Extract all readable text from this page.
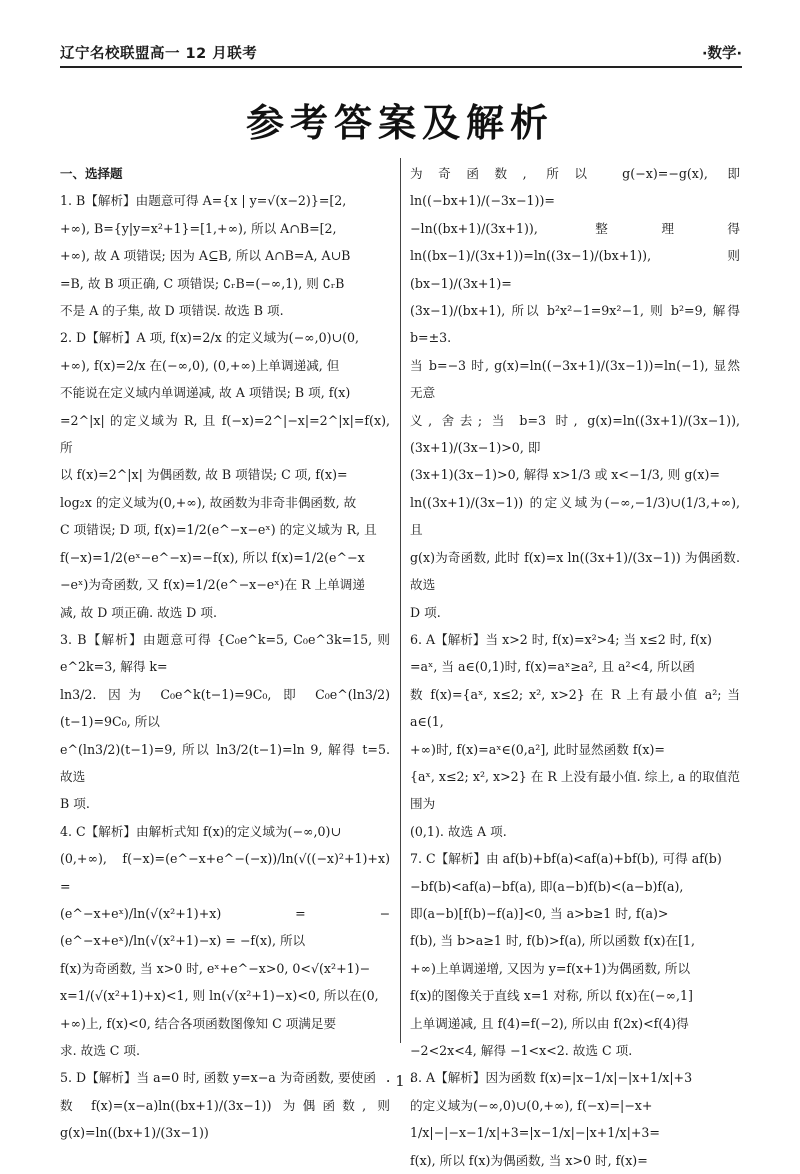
辽宁名校联盟高一 12 月联考	·数学·
参考答案及解析

一、选择题

1. B【解析】由题意可得 A={x | y=√(x−2)}=[2,

+∞), B={y|y=x²+1}=[1,+∞), 所以 A∩B=[2,

+∞), 故 A 项错误; 因为 A⊆B, 所以 A∩B=A, A∪B

=B, 故 B 项正确, C 项错误; ∁ᵣB=(−∞,1), 则 ∁ᵣB

不是 A 的子集, 故 D 项错误. 故选 B 项.

2. D【解析】A 项, f(x)=2/x 的定义域为(−∞,0)∪(0,

+∞), f(x)=2/x 在(−∞,0), (0,+∞)上单调递减, 但

不能说在定义域内单调递减, 故 A 项错误; B 项, f(x)

=2^|x| 的定义域为 R, 且 f(−x)=2^|−x|=2^|x|=f(x), 所

以 f(x)=2^|x| 为偶函数, 故 B 项错误; C 项, f(x)=

log₂x 的定义域为(0,+∞), 故函数为非奇非偶函数, 故

C 项错误; D 项, f(x)=1/2(e^−x−eˣ) 的定义域为 R, 且

f(−x)=1/2(eˣ−e^−x)=−f(x), 所以 f(x)=1/2(e^−x

−eˣ)为奇函数, 又 f(x)=1/2(e^−x−eˣ)在 R 上单调递

减, 故 D 项正确. 故选 D 项.

3. B【解析】由题意可得 {C₀e^k=5, C₀e^3k=15, 则 e^2k=3, 解得 k=

ln3/2. 因为 C₀e^k(t−1)=9C₀, 即 C₀e^(ln3/2)(t−1)=9C₀, 所以

e^(ln3/2)(t−1)=9, 所以 ln3/2(t−1)=ln 9, 解得 t=5. 故选

B 项.

4. C【解析】由解析式知 f(x)的定义域为(−∞,0)∪

(0,+∞), f(−x)=(e^−x+e^−(−x))/ln(√((−x)²+1)+x) =

(e^−x+eˣ)/ln(√(x²+1)+x) = −(e^−x+eˣ)/ln(√(x²+1)−x) = −f(x), 所以

f(x)为奇函数, 当 x>0 时, eˣ+e^−x>0, 0<√(x²+1)−

x=1/(√(x²+1)+x)<1, 则 ln(√(x²+1)−x)<0, 所以在(0,

+∞)上, f(x)<0, 结合各项函数图像知 C 项满足要

求. 故选 C 项.

5. D【解析】当 a=0 时, 函数 y=x−a 为奇函数, 要使函

数 f(x)=(x−a)ln((bx+1)/(3x−1)) 为偶函数, 则 g(x)=ln((bx+1)/(3x−1))

为奇函数, 所以 g(−x)=−g(x), 即 ln((−bx+1)/(−3x−1))=

−ln((bx+1)/(3x+1)), 整理得 ln((bx−1)/(3x+1))=ln((3x−1)/(bx+1)), 则 (bx−1)/(3x+1)=

(3x−1)/(bx+1), 所以 b²x²−1=9x²−1, 则 b²=9, 解得 b=±3.

当 b=−3 时, g(x)=ln((−3x+1)/(3x−1))=ln(−1), 显然无意

义, 舍去; 当 b=3 时, g(x)=ln((3x+1)/(3x−1)), (3x+1)/(3x−1)>0, 即

(3x+1)(3x−1)>0, 解得 x>1/3 或 x<−1/3, 则 g(x)=

ln((3x+1)/(3x−1)) 的定义域为(−∞,−1/3)∪(1/3,+∞), 且

g(x)为奇函数, 此时 f(x)=x ln((3x+1)/(3x−1)) 为偶函数. 故选

D 项.

6. A【解析】当 x>2 时, f(x)=x²>4; 当 x≤2 时, f(x)

=aˣ, 当 a∈(0,1)时, f(x)=aˣ≥a², 且 a²<4, 所以函

数 f(x)={aˣ, x≤2; x², x>2} 在 R 上有最小值 a²; 当 a∈(1,

+∞)时, f(x)=aˣ∈(0,a²], 此时显然函数 f(x)=

{aˣ, x≤2; x², x>2} 在 R 上没有最小值. 综上, a 的取值范围为

(0,1). 故选 A 项.

7. C【解析】由 af(b)+bf(a)<af(a)+bf(b), 可得 af(b)

−bf(b)<af(a)−bf(a), 即(a−b)f(b)<(a−b)f(a),

即(a−b)[f(b)−f(a)]<0, 当 a>b≥1 时, f(a)>

f(b), 当 b>a≥1 时, f(b)>f(a), 所以函数 f(x)在[1,

+∞)上单调递增, 又因为 y=f(x+1)为偶函数, 所以

f(x)的图像关于直线 x=1 对称, 所以 f(x)在(−∞,1]

上单调递减, 且 f(4)=f(−2), 所以由 f(2x)<f(4)得

−2<2x<4, 解得 −1<x<2. 故选 C 项.

8. A【解析】因为函数 f(x)=|x−1/x|−|x+1/x|+3

的定义域为(−∞,0)∪(0,+∞), f(−x)=|−x+

1/x|−|−x−1/x|+3=|x−1/x|−|x+1/x|+3=

f(x), 所以 f(x)为偶函数, 当 x>0 时, f(x)=

· 1 ·
